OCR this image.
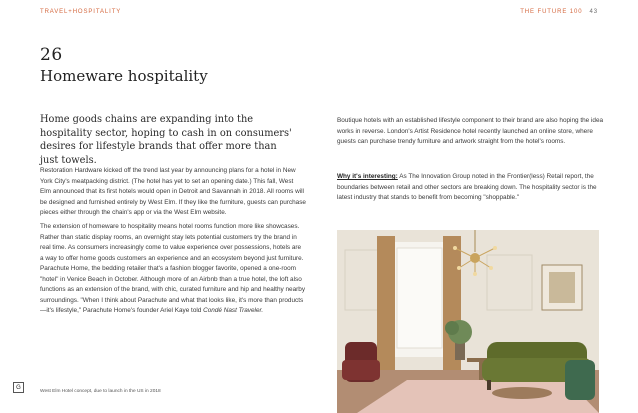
TRAVEL+HOSPITALITY	THE FUTURE 100 43
26
Homeware hospitality
Home goods chains are expanding into the hospitality sector, hoping to cash in on consumers' desires for lifestyle brands that offer more than just towels.
Restoration Hardware kicked off the trend last year by announcing plans for a hotel in New York City's meatpacking district. (The hotel has yet to set an opening date.) This fall, West Elm announced that its first hotels would open in Detroit and Savannah in 2018. All rooms will be designed and furnished entirely by West Elm. If they like the furniture, guests can purchase pieces either through the chain's app or via the West Elm website.
The extension of homeware to hospitality means hotel rooms function more like showcases. Rather than static display rooms, an overnight stay lets potential customers try the brand in real time. As consumers increasingly come to value experience over possessions, hotels are a way to offer home goods customers an experience and an ecosystem beyond just furniture. Parachute Home, the bedding retailer that's a fashion blogger favorite, opened a one-room "hotel" in Venice Beach in October. Although more of an Airbnb than a true hotel, the loft also functions as an extension of the brand, with chic, curated furniture and hip and healthy nearby surroundings. "When I think about Parachute and what that looks like, it's more than products—it's lifestyle," Parachute Home's founder Ariel Kaye told Condé Nast Traveler.
Boutique hotels with an established lifestyle component to their brand are also hoping the idea works in reverse. London's Artist Residence hotel recently launched an online store, where guests can purchase trendy furniture and artwork straight from the hotel's rooms.
Why it's interesting: As The Innovation Group noted in the Frontier(less) Retail report, the boundaries between retail and other sectors are breaking down. The hospitality sector is the latest industry that stands to benefit from becoming "shoppable."
G
West Elm Hotel concept, due to launch in the US in 2018
